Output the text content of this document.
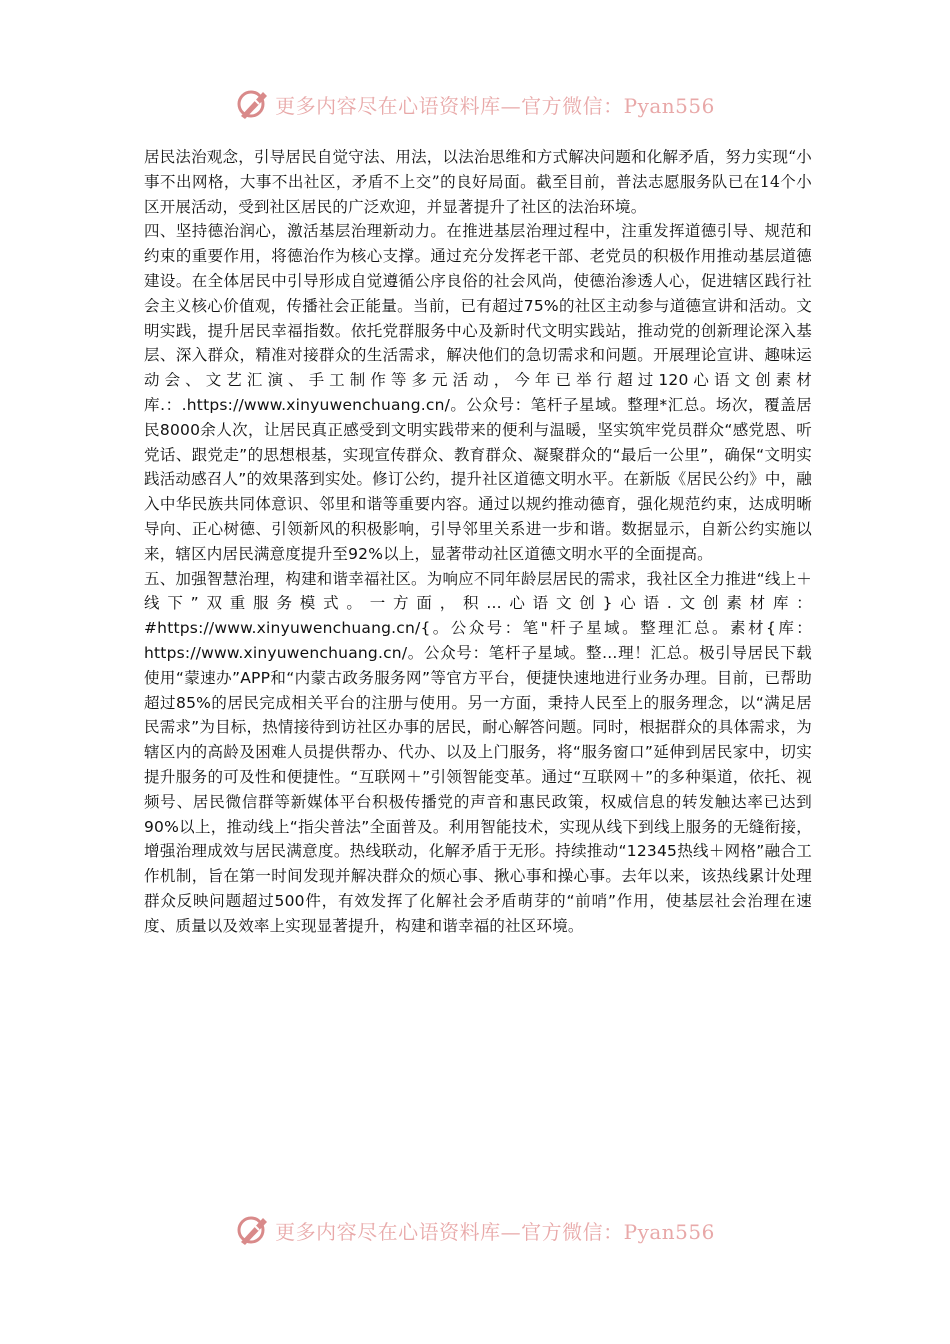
更多内容尽在心语资料库—官方微信：Pyan556

居民法治观念，引导居民自觉守法、用法，以法治思维和方式解决问题和化解矛盾，努力实现“小事不出网格，大事不出社区，矛盾不上交”的良好局面。截至目前，普法志愿服务队已在14个小区开展活动，受到社区居民的广泛欢迎，并显著提升了社区的法治环境。

四、坚持德治润心，激活基层治理新动力。在推进基层治理过程中，注重发挥道德引导、规范和约束的重要作用，将德治作为核心支撑。通过充分发挥老干部、老党员的积极作用推动基层道德建设。在全体居民中引导形成自觉遵循公序良俗的社会风尚，使德治渗透人心，促进辖区践行社会主义核心价值观，传播社会正能量。当前，已有超过75%的社区主动参与道德宣讲和活动。文明实践，提升居民幸福指数。依托党群服务中心及新时代文明实践站，推动党的创新理论深入基层、深入群众，精准对接群众的生活需求，解决他们的急切需求和问题。开展理论宣讲、趣味运动会、文艺汇演、手工制作等多元活动，今年已举行超过120心语文创素材库.：.https://www.xinyuwenchuang.cn/。公众号：笔杆子星域。整理*汇总。场次，覆盖居民8000余人次，让居民真正感受到文明实践带来的便利与温暖，坚实筑牢党员群众“感党恩、听党话、跟党走”的思想根基，实现宣传群众、教育群众、凝聚群众的“最后一公里”，确保“文明实践活动感召人”的效果落到实处。修订公约，提升社区道德文明水平。在新版《居民公约》中，融入中华民族共同体意识、邻里和谐等重要内容。通过以规约推动德育，强化规范约束，达成明晰导向、正心树德、引领新风的积极影响，引导邻里关系进一步和谐。数据显示，自新公约实施以来，辖区内居民满意度提升至92%以上，显著带动社区道德文明水平的全面提高。

五、加强智慧治理，构建和谐幸福社区。为响应不同年龄层居民的需求，我社区全力推进“线上＋线下”双重服务模式。一方面，积...心语文创}心语.文创素材库：#https://www.xinyuwenchuang.cn/{。公众号：笔"杆子星域。整理汇总。素材{库：https://www.xinyuwenchuang.cn/。公众号：笔杆子星域。整...理！汇总。极引导居民下载使用“蒙速办”APP和“内蒙古政务服务网”等官方平台，便捷快速地进行业务办理。目前，已帮助超过85%的居民完成相关平台的注册与使用。另一方面，秉持人民至上的服务理念，以“满足居民需求”为目标，热情接待到访社区办事的居民，耐心解答问题。同时，根据群众的具体需求，为辖区内的高龄及困难人员提供帮办、代办、以及上门服务，将“服务窗口”延伸到居民家中，切实提升服务的可及性和便捷性。“互联网＋”引领智能变革。通过“互联网＋”的多种渠道，依托、视频号、居民微信群等新媒体平台积极传播党的声音和惠民政策，权威信息的转发触达率已达到90%以上，推动线上“指尖普法”全面普及。利用智能技术，实现从线下到线上服务的无缝衔接，增强治理成效与居民满意度。热线联动，化解矛盾于无形。持续推动“12345热线＋网格”融合工作机制，旨在第一时间发现并解决群众的烦心事、揪心事和操心事。去年以来，该热线累计处理群众反映问题超过500件，有效发挥了化解社会矛盾萌芽的“前哨”作用，使基层社会治理在速度、质量以及效率上实现显著提升，构建和谐幸福的社区环境。

更多内容尽在心语资料库—官方微信：Pyan556
